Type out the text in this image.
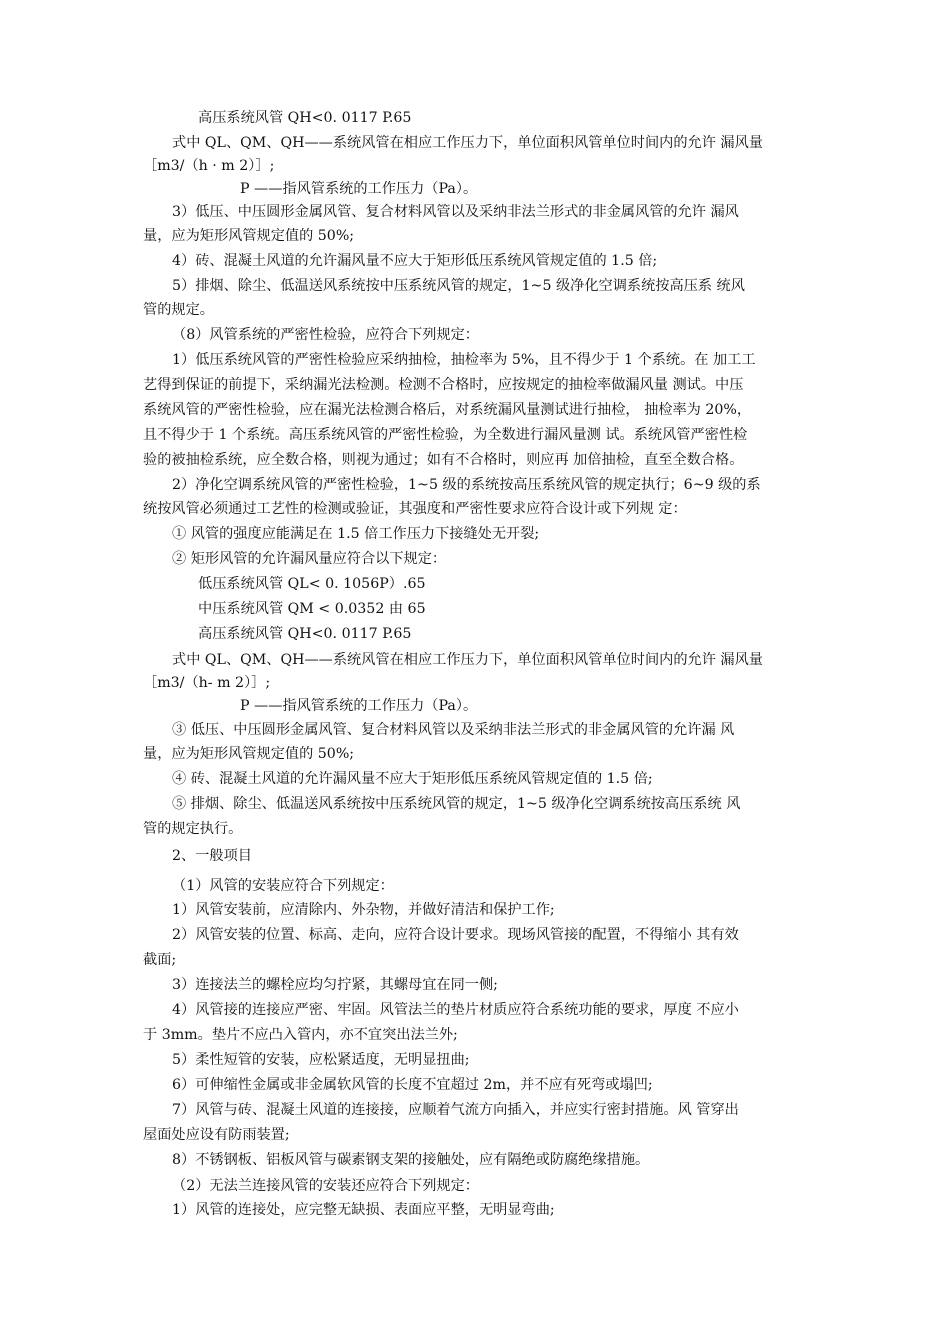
高压系统风管 QH<0. 0117 P.65
式中 QL、QM、QH——系统风管在相应工作压力下，单位面积风管单位时间内的允许 漏风量
［m3/（h · m 2）］;
P ——指风管系统的工作压力（Pa）。
3）低压、中压圆形金属风管、复合材料风管以及采纳非法兰形式的非金属风管的允许 漏风
量，应为矩形风管规定值的 50%;
4）砖、混凝土风道的允许漏风量不应大于矩形低压系统风管规定值的 1.5 倍;
5）排烟、除尘、低温送风系统按中压系统风管的规定，1~5 级净化空调系统按高压系 统风
管的规定。
（8）风管系统的严密性检验，应符合下列规定：
1）低压系统风管的严密性检验应采纳抽检，抽检率为 5%，且不得少于 1 个系统。在 加工工
艺得到保证的前提下，采纳漏光法检测。检测不合格时，应按规定的抽检率做漏风量 测试。中压
系统风管的严密性检验，应在漏光法检测合格后，对系统漏风量测试进行抽检， 抽检率为 20%，
且不得少于 1 个系统。高压系统风管的严密性检验，为全数进行漏风量测 试。系统风管严密性检
验的被抽检系统，应全数合格，则视为通过；如有不合格时，则应再 加倍抽检，直至全数合格。
2）净化空调系统风管的严密性检验，1~5 级的系统按高压系统风管的规定执行；6~9 级的系
统按风管必须通过工艺性的检测或验证，其强度和严密性要求应符合设计或下列规 定：
① 风管的强度应能满足在 1.5 倍工作压力下接缝处无开裂;
② 矩形风管的允许漏风量应符合以下规定：
低压系统风管 QL< 0. 1056P）.65
中压系统风管 QM < 0.0352 由 65
高压系统风管 QH<0. 0117 P.65
式中 QL、QM、QH——系统风管在相应工作压力下，单位面积风管单位时间内的允许 漏风量
［m3/（h- m 2）］;
P ——指风管系统的工作压力（Pa）。
③ 低压、中压圆形金属风管、复合材料风管以及采纳非法兰形式的非金属风管的允许漏 风
量，应为矩形风管规定值的 50%;
④ 砖、混凝土风道的允许漏风量不应大于矩形低压系统风管规定值的 1.5 倍;
⑤ 排烟、除尘、低温送风系统按中压系统风管的规定，1~5 级净化空调系统按高压系统 风
管的规定执行。
2、一般项目
（1）风管的安装应符合下列规定：
1）风管安装前，应清除内、外杂物，并做好清洁和保护工作;
2）风管安装的位置、标高、走向，应符合设计要求。现场风管接的配置，不得缩小 其有效
截面;
3）连接法兰的螺栓应均匀拧紧，其螺母宜在同一侧;
4）风管接的连接应严密、牢固。风管法兰的垫片材质应符合系统功能的要求，厚度 不应小
于 3mm。垫片不应凸入管内，亦不宜突出法兰外;
5）柔性短管的安装，应松紧适度，无明显扭曲;
6）可伸缩性金属或非金属软风管的长度不宜超过 2m，并不应有死弯或塌凹;
7）风管与砖、混凝土风道的连接接，应顺着气流方向插入，并应实行密封措施。风 管穿出
屋面处应设有防雨装置;
8）不锈钢板、铝板风管与碳素钢支架的接触处，应有隔绝或防腐绝缘措施。
（2）无法兰连接风管的安装还应符合下列规定：
1）风管的连接处，应完整无缺损、表面应平整，无明显弯曲;
